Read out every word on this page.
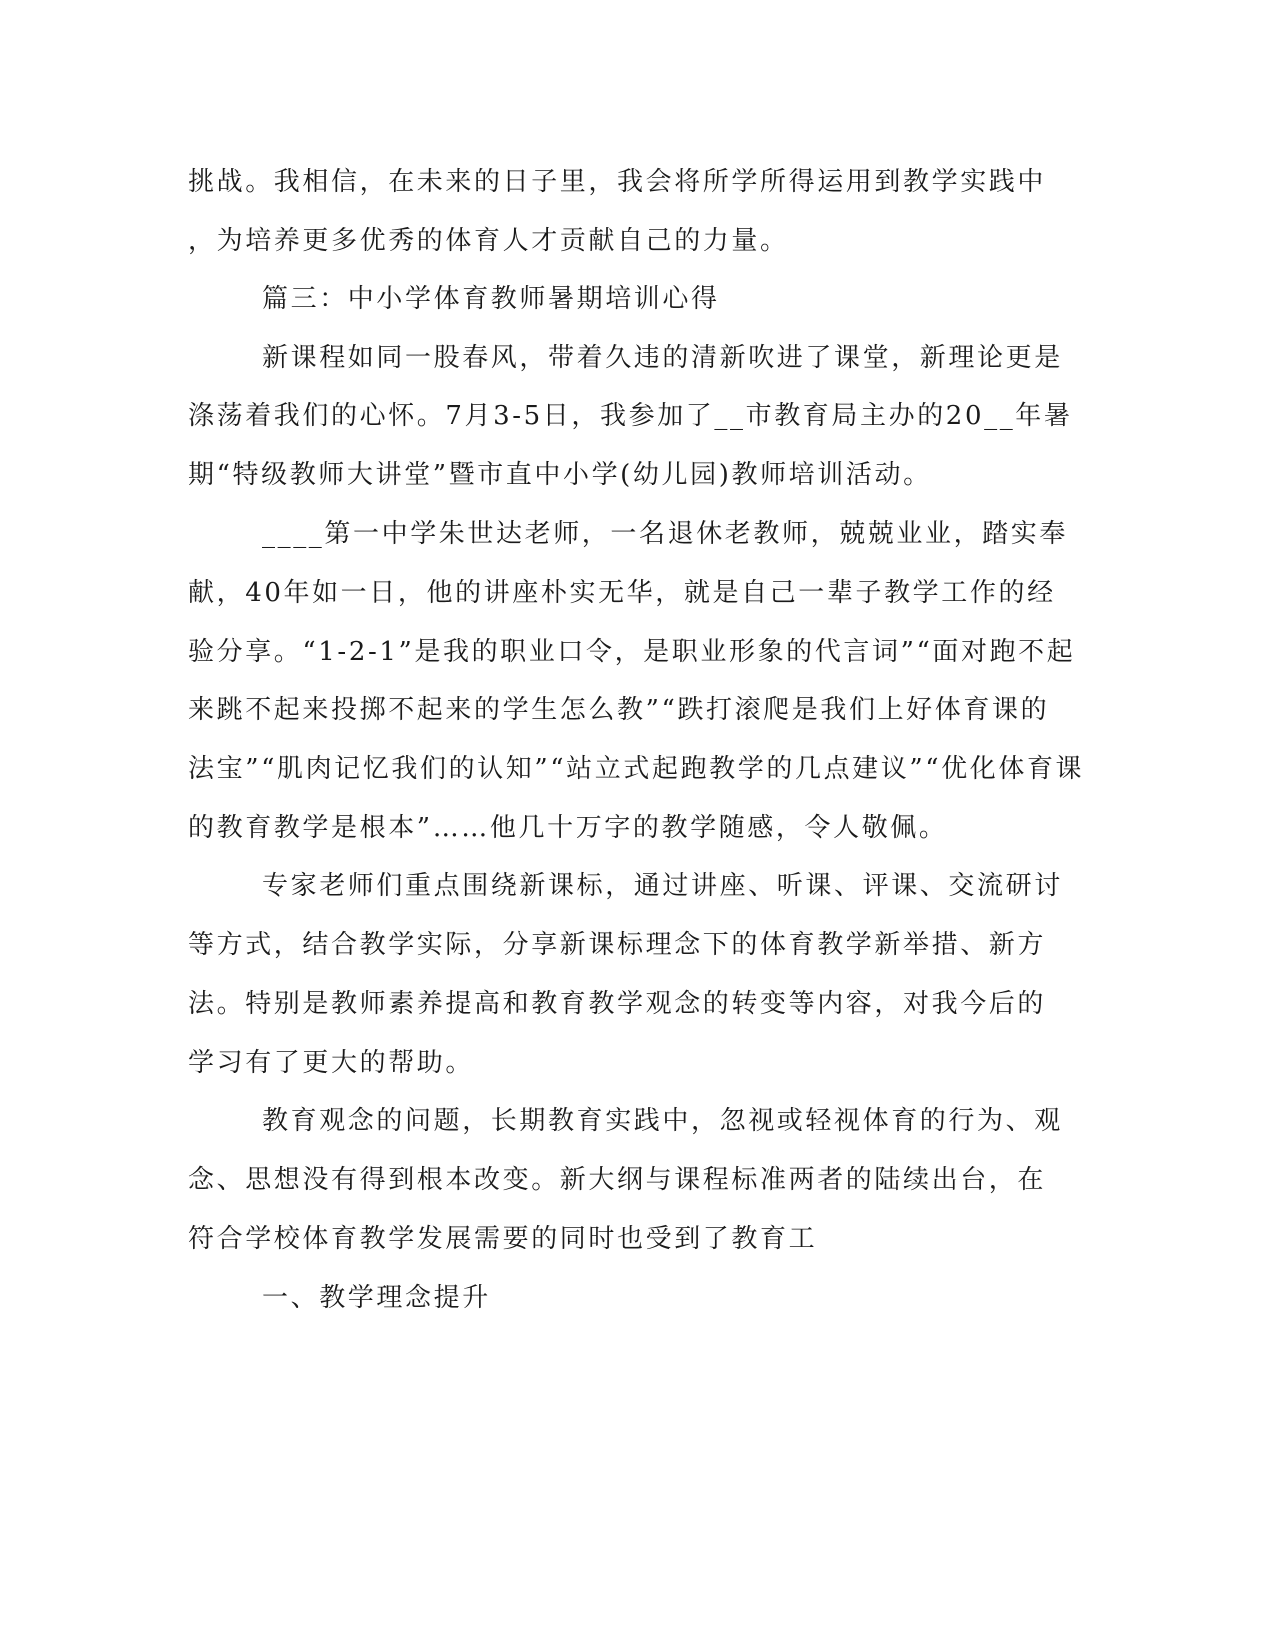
挑战。我相信，在未来的日子里，我会将所学所得运用到教学实践中
，为培养更多优秀的体育人才贡献自己的力量。
篇三：中小学体育教师暑期培训心得
新课程如同一股春风，带着久违的清新吹进了课堂，新理论更是
涤荡着我们的心怀。7月3-5日，我参加了__市教育局主办的20__年暑
期“特级教师大讲堂”暨市直中小学(幼儿园)教师培训活动。
____第一中学朱世达老师，一名退休老教师，兢兢业业，踏实奉
献，40年如一日，他的讲座朴实无华，就是自己一辈子教学工作的经
验分享。“1-2-1”是我的职业口令，是职业形象的代言词”“面对跑不起
来跳不起来投掷不起来的学生怎么教”“跌打滚爬是我们上好体育课的
法宝”“肌肉记忆我们的认知”“站立式起跑教学的几点建议”“优化体育课
的教育教学是根本”……他几十万字的教学随感，令人敬佩。
专家老师们重点围绕新课标，通过讲座、听课、评课、交流研讨
等方式，结合教学实际，分享新课标理念下的体育教学新举措、新方
法。特别是教师素养提高和教育教学观念的转变等内容，对我今后的
学习有了更大的帮助。
教育观念的问题，长期教育实践中，忽视或轻视体育的行为、观
念、思想没有得到根本改变。新大纲与课程标准两者的陆续出台，在
符合学校体育教学发展需要的同时也受到了教育工
一、教学理念提升
